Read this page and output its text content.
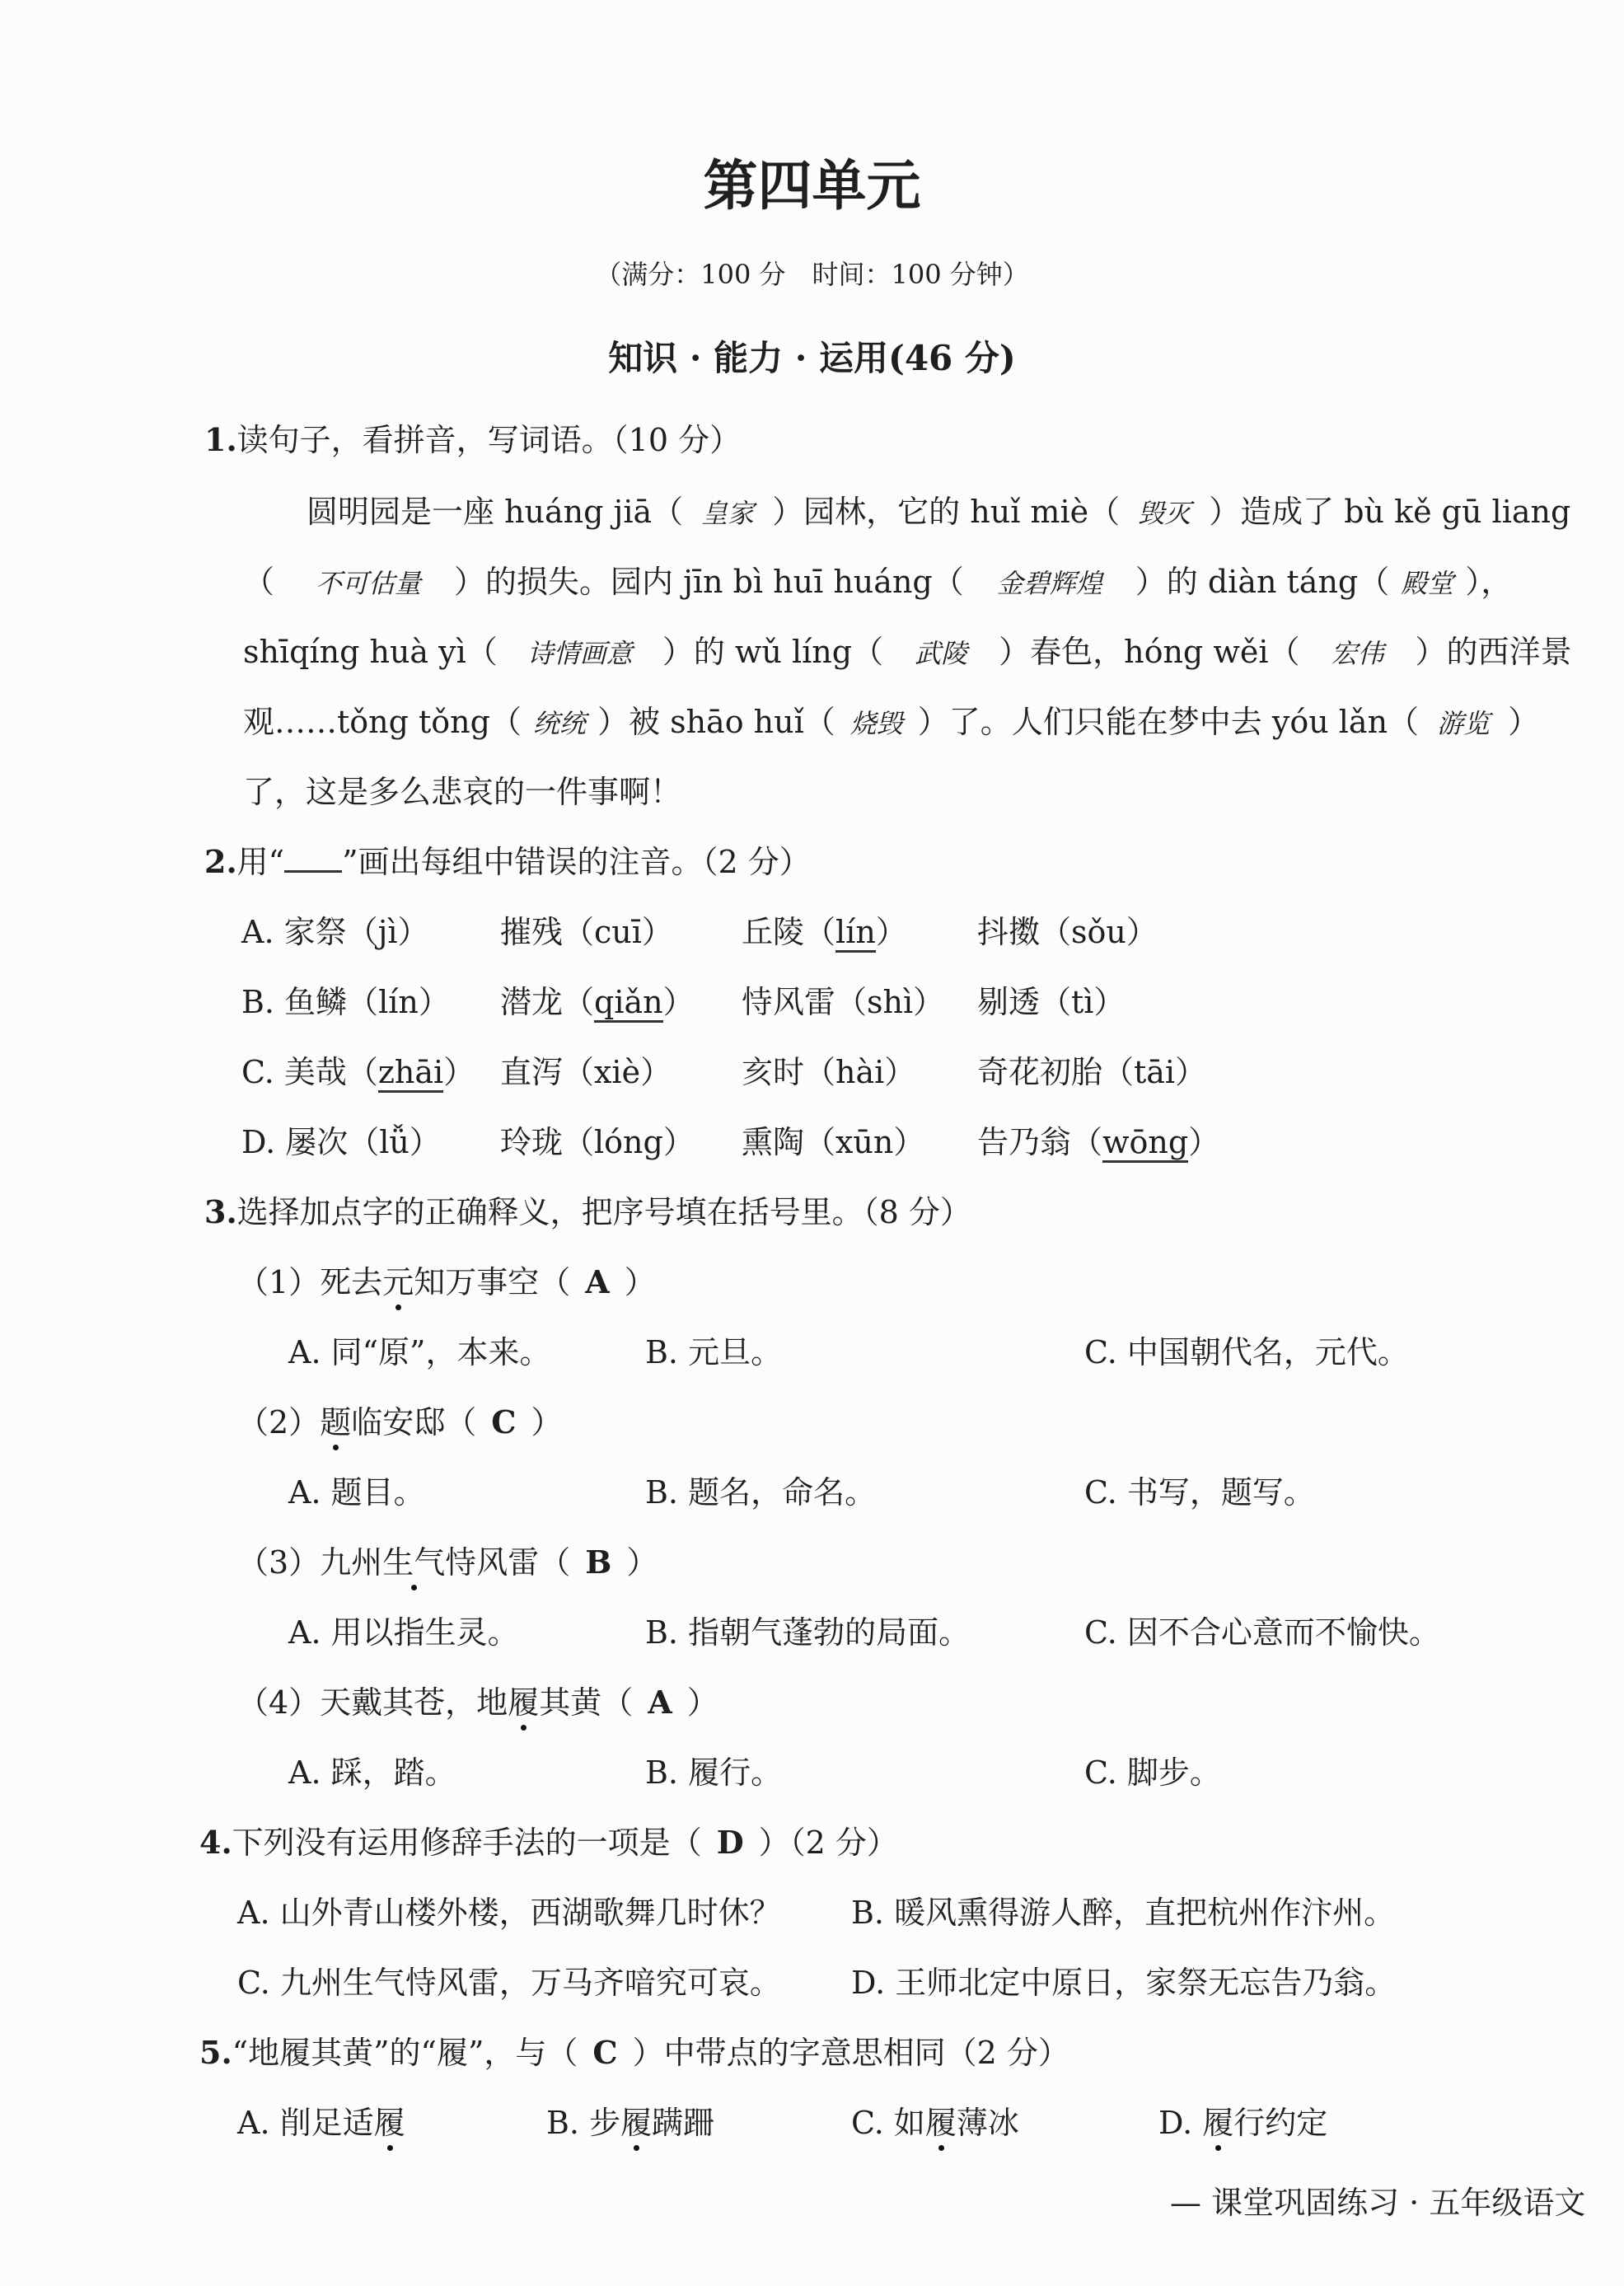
第四单元
（满分：100 分　时间：100 分钟）
知识 · 能力 · 运用(46 分)
1.读句子，看拼音，写词语。（10 分）
圆明园是一座 huáng jiā（ 皇家 ）园林，它的 huǐ miè（ 毁灭 ）造成了 bù kě gū liang
（ 不可估量 ）的损失。园内 jīn bì huī huáng（ 金碧辉煌 ）的 diàn táng（ 殿堂 ），
shīqíng huà yì（ 诗情画意 ）的 wǔ líng（ 武陵 ）春色，hóng wěi（ 宏伟 ）的西洋景
观……tǒng tǒng（ 统统 ）被 shāo huǐ（ 烧毁 ）了。人们只能在梦中去 yóu lǎn（ 游览 ）
了，这是多么悲哀的一件事啊！
2.用“ ”画出每组中错误的注音。（2 分）
A. 家祭（jì） 摧残（cuī） 丘陵（lín） 抖擞（sǒu）
B. 鱼鳞（lín） 潜龙（qiǎn） 恃风雷（shì） 剔透（tì）
C. 美哉（zhāi） 直泻（xiè） 亥时（hài） 奇花初胎（tāi）
D. 屡次（lǚ） 玲珑（lóng） 熏陶（xūn） 告乃翁（wōng）
3.选择加点字的正确释义，把序号填在括号里。（8 分）
（1）死去元知万事空（ A ）
A. 同“原”，本来。	B. 元旦。	C. 中国朝代名，元代。
（2）题临安邸（ C ）
A. 题目。	B. 题名，命名。	C. 书写，题写。
（3）九州生气恃风雷（ B ）
A. 用以指生灵。	B. 指朝气蓬勃的局面。	C. 因不合心意而不愉快。
（4）天戴其苍，地履其黄（ A ）
A. 踩，踏。	B. 履行。	C. 脚步。
4.下列没有运用修辞手法的一项是（ D ）（2 分）
A. 山外青山楼外楼，西湖歌舞几时休？ B. 暖风熏得游人醉，直把杭州作汴州。
C. 九州生气恃风雷，万马齐喑究可哀。 D. 王师北定中原日，家祭无忘告乃翁。
5.“地履其黄”的“履”，与（ C ）中带点的字意思相同（2 分）
A. 削足适履	B. 步履蹒跚	C. 如履薄冰	D. 履行约定
— 课堂巩固练习 · 五年级语文
